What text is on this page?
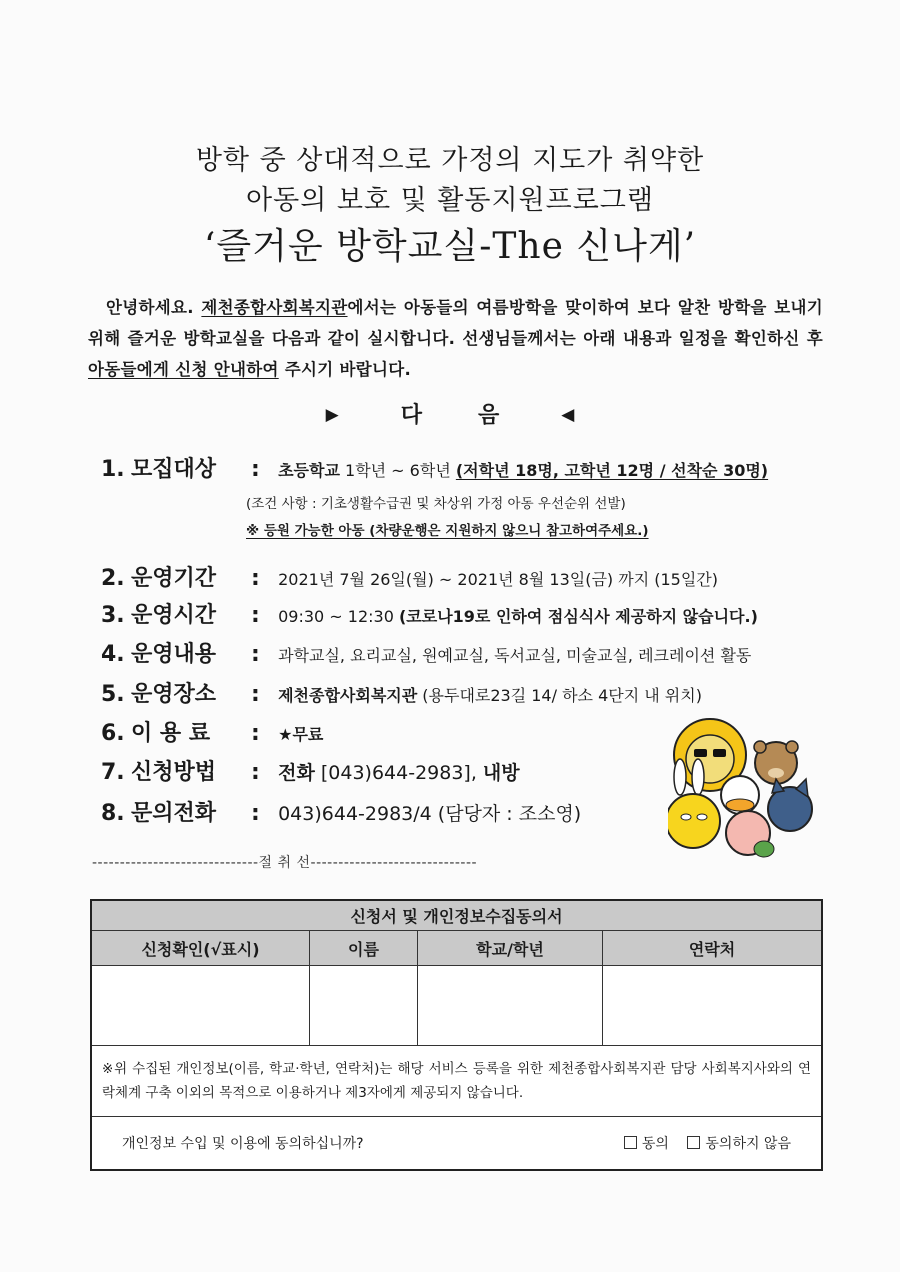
방학 중 상대적으로 가정의 지도가 취약한
아동의 보호 및 활동지원프로그램
‘즐거운 방학교실-The 신나게’
안녕하세요. 제천종합사회복지관에서는 아동들의 여름방학을 맞이하여 보다 알찬 방학을 보내기 위해 즐거운 방학교실을 다음과 같이 실시합니다. 선생님들께서는 아래 내용과 일정을 확인하신 후 아동들에게 신청 안내하여 주시기 바랍니다.
▶	다	음	◀
1. 모집대상 : 초등학교 1학년 ~ 6학년 (저학년 18명, 고학년 12명 / 선착순 30명)
(조건 사항 : 기초생활수급권 및 차상위 가정 아동 우선순위 선발)
※ 등원 가능한 아동 (차량운행은 지원하지 않으니 참고하여주세요.)
2. 운영기간 : 2021년 7월 26일(월) ~ 2021년 8월 13일(금) 까지 (15일간)
3. 운영시간 : 09:30 ~ 12:30 (코로나19로 인하여 점심식사 제공하지 않습니다.)
4. 운영내용 : 과학교실, 요리교실, 원예교실, 독서교실, 미술교실, 레크레이션 활동
5. 운영장소 : 제천종합사회복지관 (용두대로23길 14/ 하소 4단지 내 위치)
6. 이 용 료 : ★무료
7. 신청방법 : 전화 [043)644-2983], 내방
8. 문의전화 : 043)644-2983/4 (담당자 : 조소영)
------------------------------절 취 선------------------------------
신청서 및 개인정보수집동의서			
신청확인(√표시)	이름	학교/학년	연락처

※위 수집된 개인정보(이름, 학교·학년, 연락처)는 해당 서비스 등록을 위한 제천종합사회복지관 담당 사회복지사와의 연락체계 구축 이외의 목적으로 이용하거나 제3자에게 제공되지 않습니다.			
개인정보 수입 및 이용에 동의하십니까? 동의 동의하지 않음			
